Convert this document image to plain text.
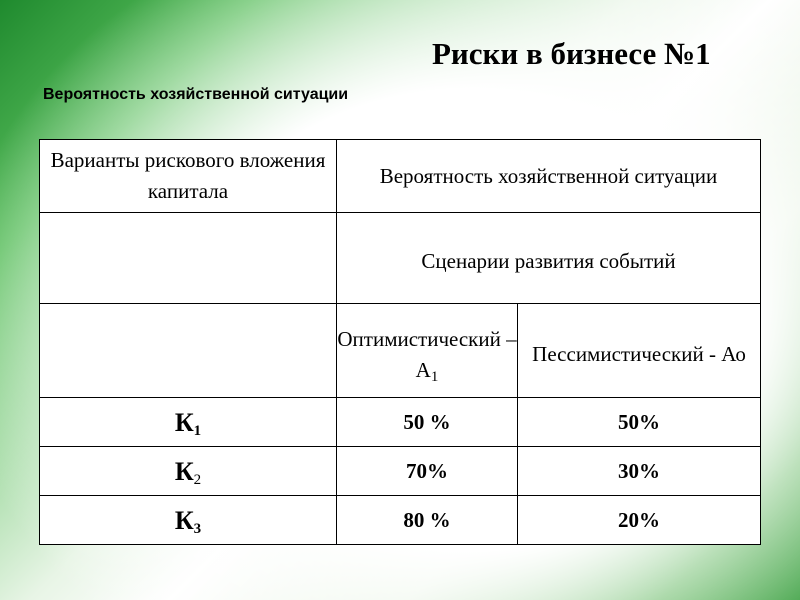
Риски в бизнесе №1
Вероятность хозяйственной ситуации
Варианты рискового вложения капитала	Вероятность хозяйственной ситуации	

	Сценарии развития событий	

	Оптимистический – $А_1$	Пессимистический - Ао

$К_1$	50 %	50%
$К_2$	70%	30%
$К_3$	80 %	20%
